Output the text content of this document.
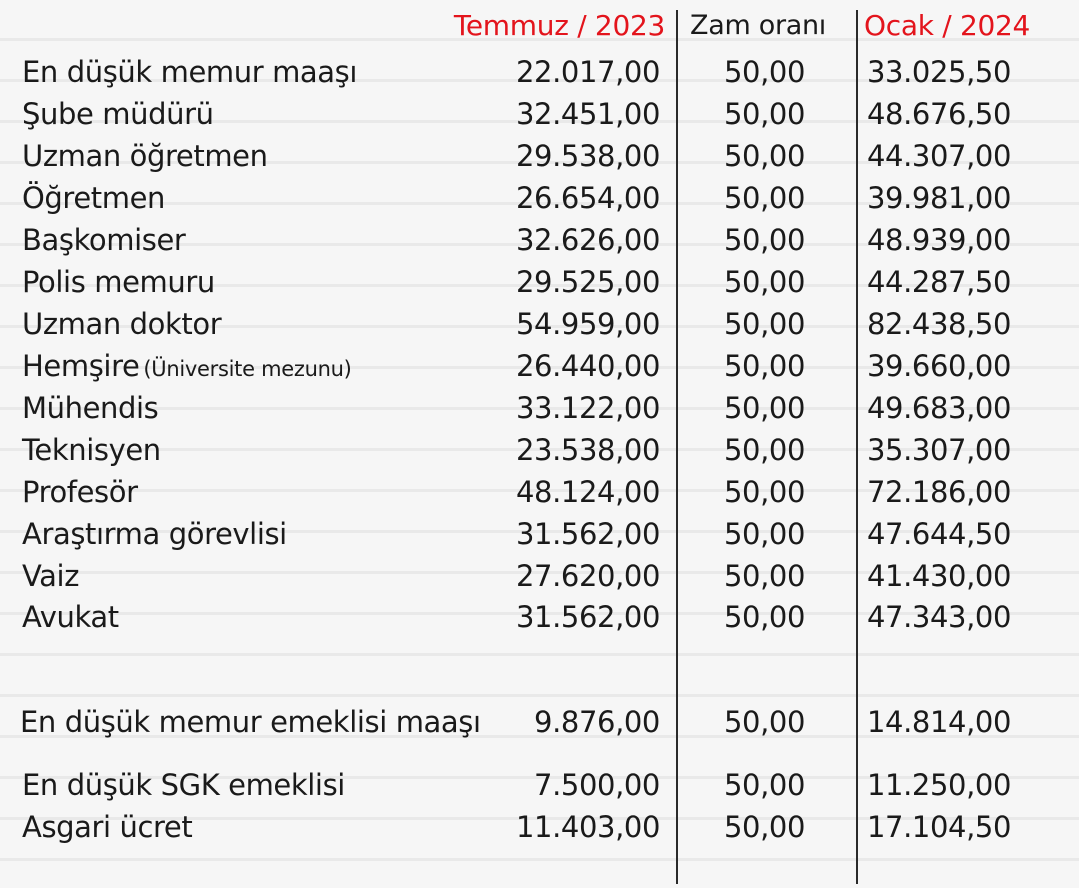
Temmuz / 2023 Zam oranı Ocak / 2024
En düşük memur maaşı	22.017,00 50,00 33.025,50
Şube müdürü	32.451,00 50,00 48.676,50
Uzman öğretmen	29.538,00 50,00 44.307,00
Öğretmen	26.654,00 50,00 39.981,00
Başkomiser	32.626,00 50,00 48.939,00
Polis memuru	29.525,00 50,00 44.287,50
Uzman doktor	54.959,00 50,00 82.438,50
Hemşire (Üniversite mezunu)	26.440,00 50,00 39.660,00
Mühendis	33.122,00 50,00 49.683,00
Teknisyen	23.538,00 50,00 35.307,00
Profesör	48.124,00 50,00 72.186,00
Araştırma görevlisi	31.562,00 50,00 47.644,50
Vaiz	27.620,00 50,00 41.430,00
Avukat	31.562,00 50,00 47.343,00
En düşük memur emeklisi maaşı 9.876,00 50,00 14.814,00
En düşük SGK emeklisi	7.500,00 50,00 11.250,00
Asgari ücret	11.403,00 50,00 17.104,50
